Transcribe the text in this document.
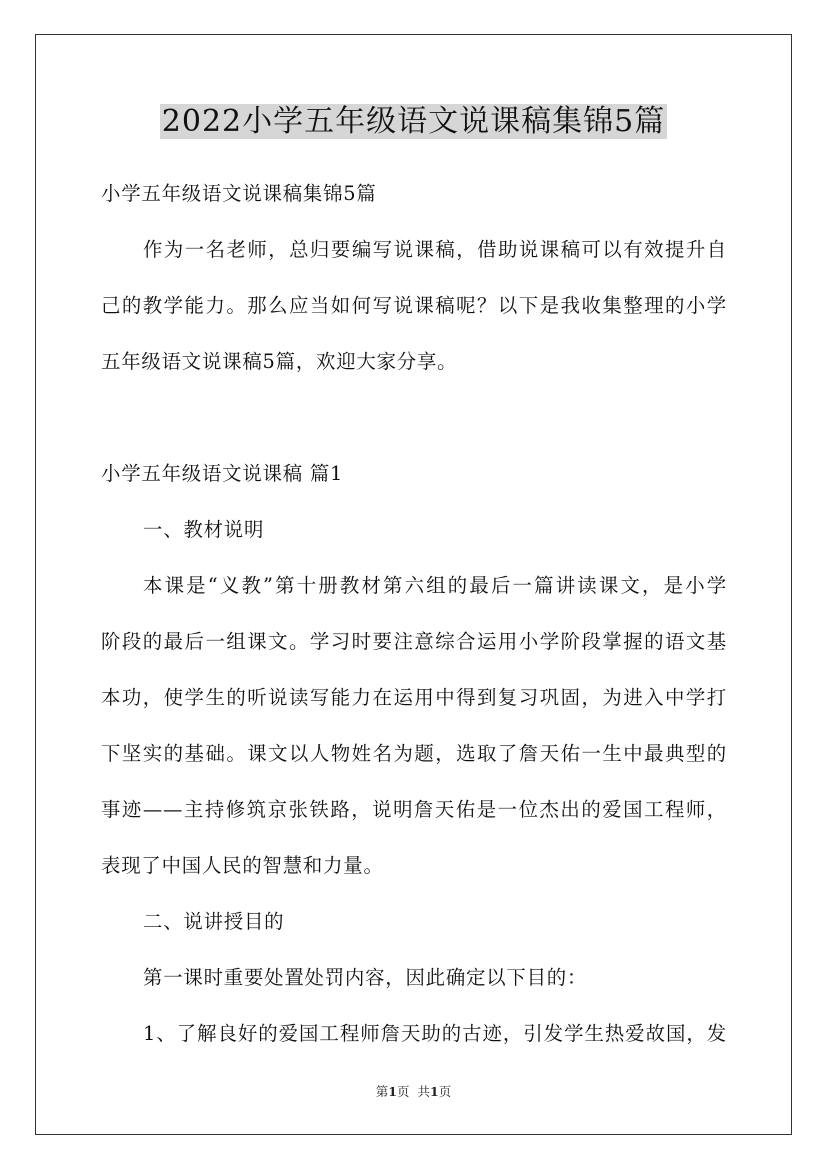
2022小学五年级语文说课稿集锦5篇

小学五年级语文说课稿集锦5篇

作为一名老师，总归要编写说课稿，借助说课稿可以有效提升自

己的教学能力。那么应当如何写说课稿呢？以下是我收集整理的小学

五年级语文说课稿5篇，欢迎大家分享。

小学五年级语文说课稿 篇1

一、教材说明

本课是“义教”第十册教材第六组的最后一篇讲读课文，是小学

阶段的最后一组课文。学习时要注意综合运用小学阶段掌握的语文基

本功，使学生的听说读写能力在运用中得到复习巩固，为进入中学打

下坚实的基础。课文以人物姓名为题，选取了詹天佑一生中最典型的

事迹——主持修筑京张铁路，说明詹天佑是一位杰出的爱国工程师，

表现了中国人民的智慧和力量。

二、说讲授目的

第一课时重要处置处罚内容，因此确定以下目的：

1、了解良好的爱国工程师詹天助的古迹，引发学生热爱故国，发

第1页 共1页
